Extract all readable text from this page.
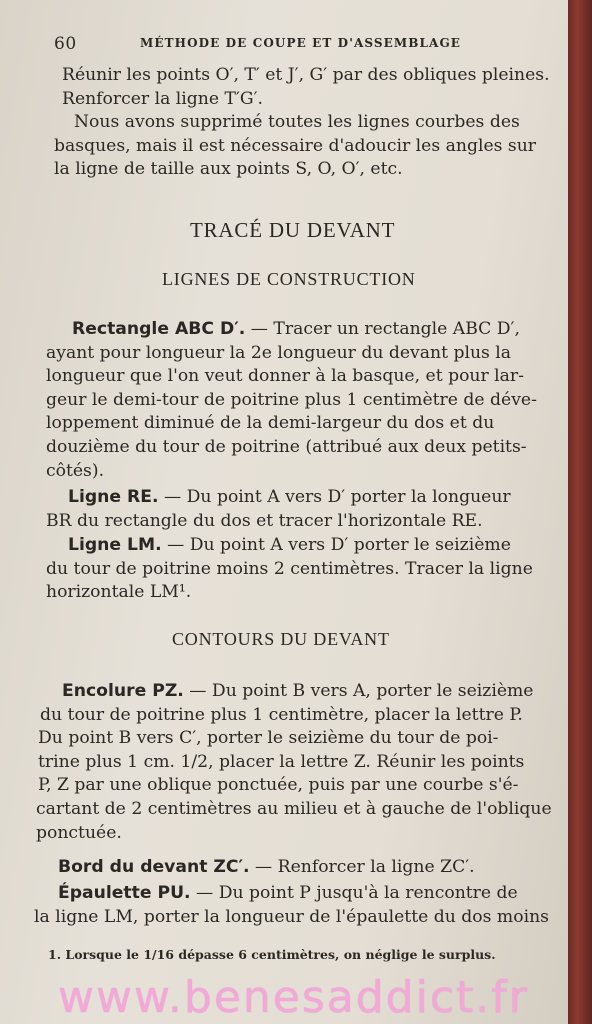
60	MÉTHODE DE COUPE ET D'ASSEMBLAGE
Réunir les points O′, T′ et J′, G′ par des obliques pleines.
Renforcer la ligne T′G′.
Nous avons supprimé toutes les lignes courbes des
basques, mais il est nécessaire d'adoucir les angles sur
la ligne de taille aux points S, O, O′, etc.
TRACÉ DU DEVANT
LIGNES DE CONSTRUCTION
Rectangle ABC D′. — Tracer un rectangle ABC D′,
ayant pour longueur la 2e longueur du devant plus la
longueur que l'on veut donner à la basque, et pour lar-
geur le demi-tour de poitrine plus 1 centimètre de déve-
loppement diminué de la demi-largeur du dos et du
douzième du tour de poitrine (attribué aux deux petits-
côtés).
Ligne RE. — Du point A vers D′ porter la longueur
BR du rectangle du dos et tracer l'horizontale RE.
Ligne LM. — Du point A vers D′ porter le seizième
du tour de poitrine moins 2 centimètres. Tracer la ligne
horizontale LM¹.
CONTOURS DU DEVANT
Encolure PZ. — Du point B vers A, porter le seizième
du tour de poitrine plus 1 centimètre, placer la lettre P.
Du point B vers C′, porter le seizième du tour de poi-
trine plus 1 cm. 1/2, placer la lettre Z. Réunir les points
P, Z par une oblique ponctuée, puis par une courbe s'é-
cartant de 2 centimètres au milieu et à gauche de l'oblique
ponctuée.
Bord du devant ZC′. — Renforcer la ligne ZC′.
Épaulette PU. — Du point P jusqu'à la rencontre de
la ligne LM, porter la longueur de l'épaulette du dos moins
1. Lorsque le 1/16 dépasse 6 centimètres, on néglige le surplus.
www.benesaddict.fr
